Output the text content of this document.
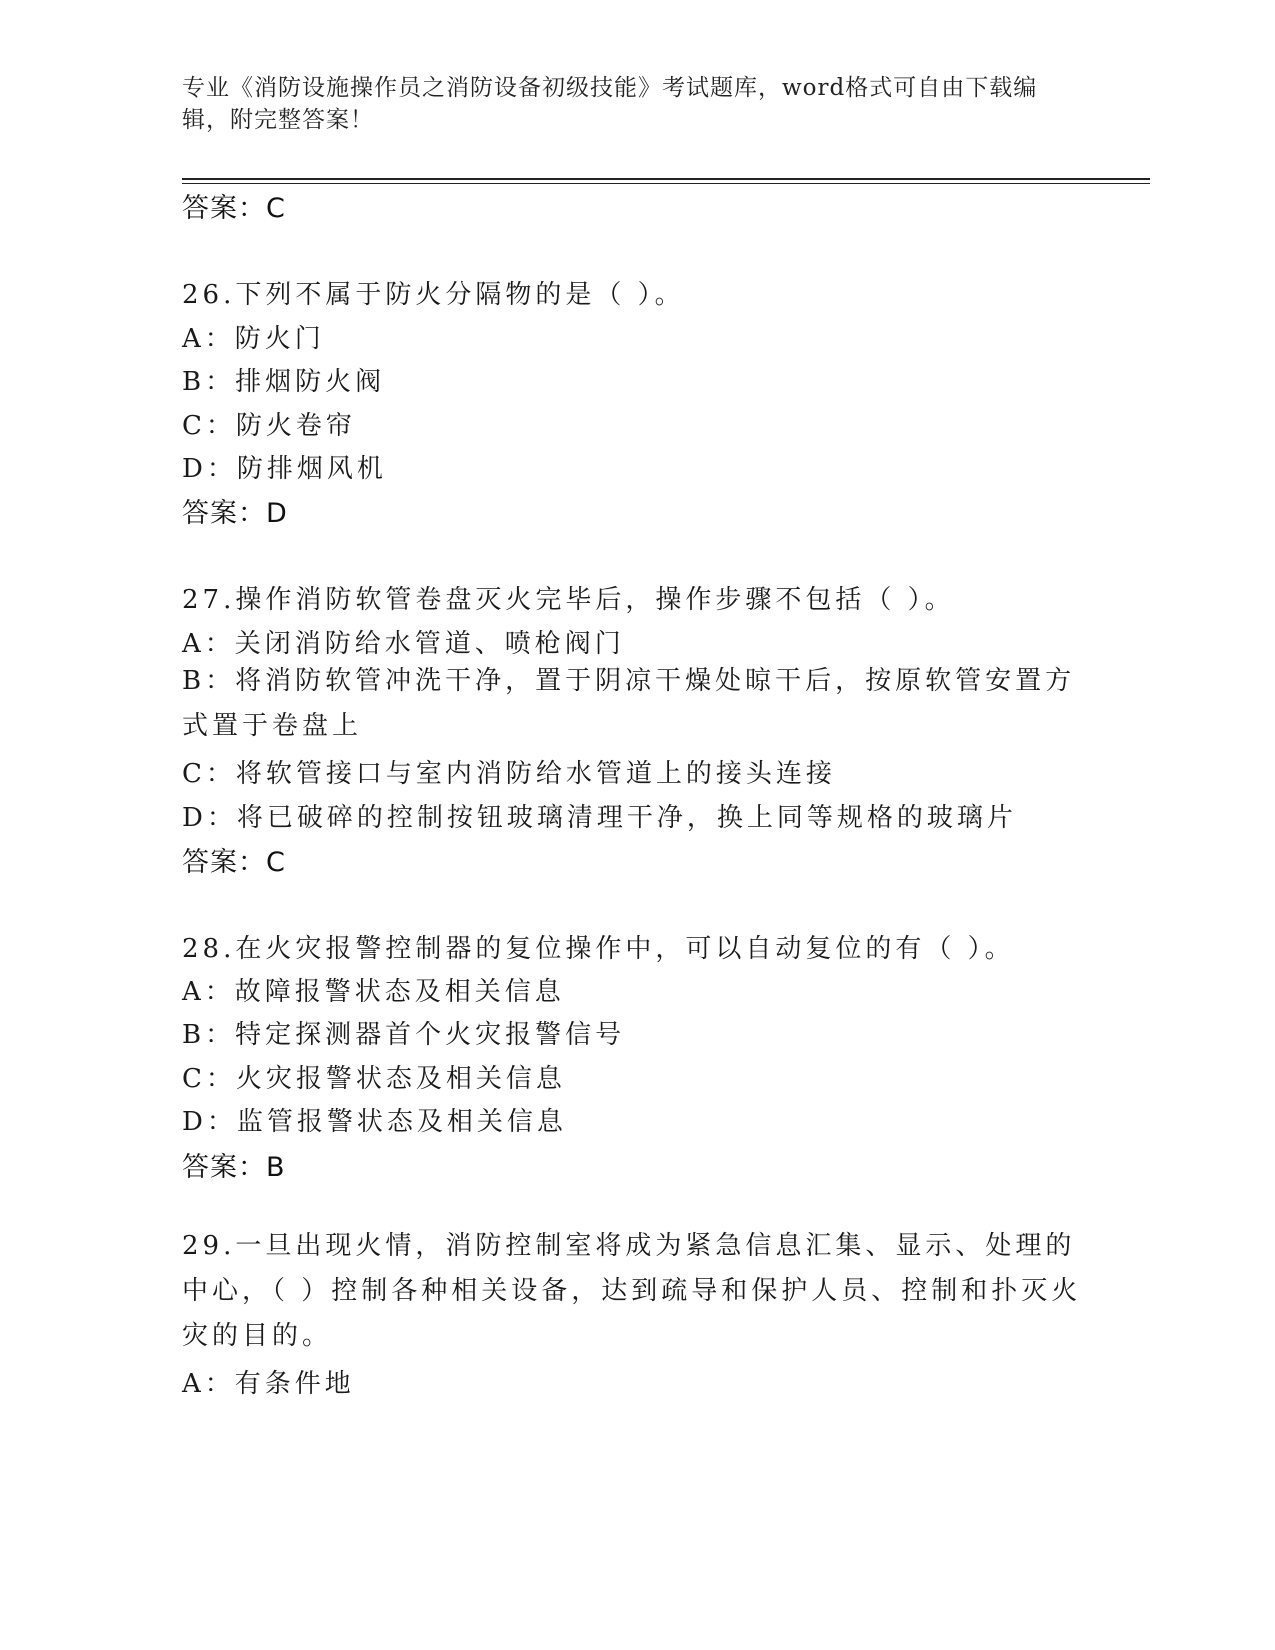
专业《消防设施操作员之消防设备初级技能》考试题库，word格式可自由下载编辑，附完整答案！
答案：C
26.下列不属于防火分隔物的是（ ）。
A：防火门
B：排烟防火阀
C：防火卷帘
D：防排烟风机
答案：D
27.操作消防软管卷盘灭火完毕后，操作步骤不包括（ ）。
A：关闭消防给水管道、喷枪阀门
B：将消防软管冲洗干净，置于阴凉干燥处晾干后，按原软管安置方式置于卷盘上
C：将软管接口与室内消防给水管道上的接头连接
D：将已破碎的控制按钮玻璃清理干净，换上同等规格的玻璃片
答案：C
28.在火灾报警控制器的复位操作中，可以自动复位的有（ ）。
A：故障报警状态及相关信息
B：特定探测器首个火灾报警信号
C：火灾报警状态及相关信息
D：监管报警状态及相关信息
答案：B
29.一旦出现火情，消防控制室将成为紧急信息汇集、显示、处理的中心，（ ）控制各种相关设备，达到疏导和保护人员、控制和扑灭火灾的目的。
A：有条件地
